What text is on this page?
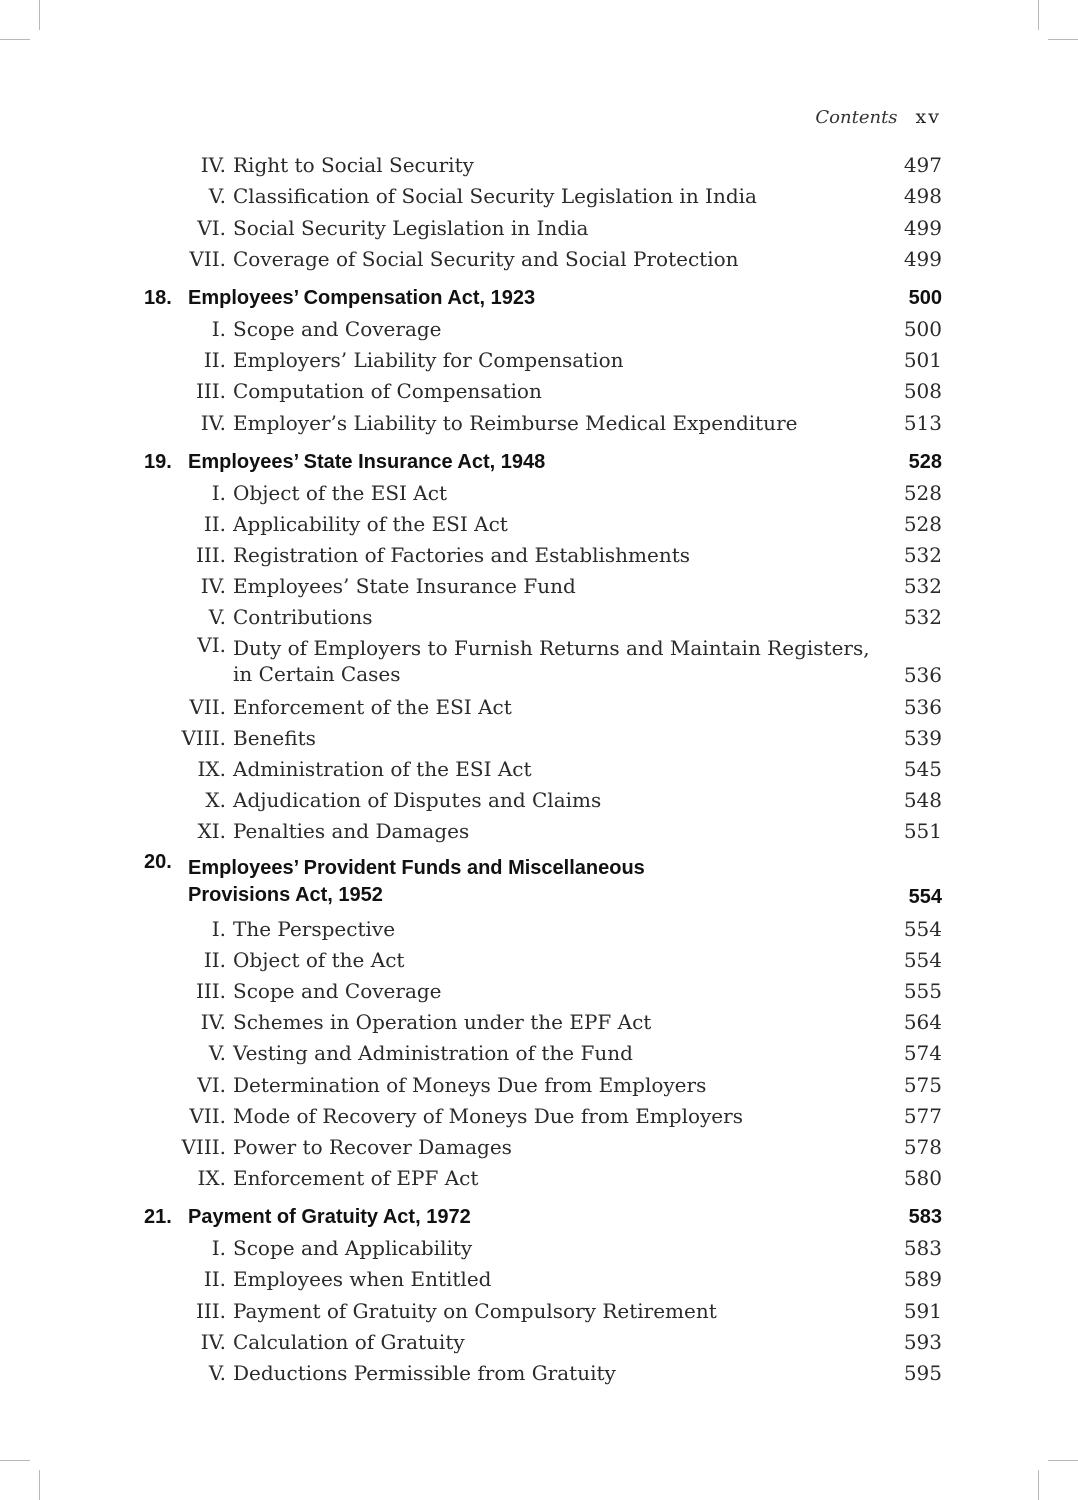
Contents xv
IV. Right to Social Security	497
V. Classification of Social Security Legislation in India	498
VI. Social Security Legislation in India	499
VII. Coverage of Social Security and Social Protection	499
18. Employees’ Compensation Act, 1923	500
I. Scope and Coverage	500
II. Employers’ Liability for Compensation	501
III. Computation of Compensation	508
IV. Employer’s Liability to Reimburse Medical Expenditure	513
19. Employees’ State Insurance Act, 1948	528
I. Object of the ESI Act	528
II. Applicability of the ESI Act	528
III. Registration of Factories and Establishments	532
IV. Employees’ State Insurance Fund	532
V. Contributions	532
VI. Duty of Employers to Furnish Returns and Maintain Registers,
in Certain Cases	536
VII. Enforcement of the ESI Act	536
VIII. Benefits	539
IX. Administration of the ESI Act	545
X. Adjudication of Disputes and Claims	548
XI. Penalties and Damages	551
20. Employees’ Provident Funds and Miscellaneous
Provisions Act, 1952	554
I. The Perspective	554
II. Object of the Act	554
III. Scope and Coverage	555
IV. Schemes in Operation under the EPF Act	564
V. Vesting and Administration of the Fund	574
VI. Determination of Moneys Due from Employers	575
VII. Mode of Recovery of Moneys Due from Employers	577
VIII. Power to Recover Damages	578
IX. Enforcement of EPF Act	580
21. Payment of Gratuity Act, 1972	583
I. Scope and Applicability	583
II. Employees when Entitled	589
III. Payment of Gratuity on Compulsory Retirement	591
IV. Calculation of Gratuity	593
V. Deductions Permissible from Gratuity	595
